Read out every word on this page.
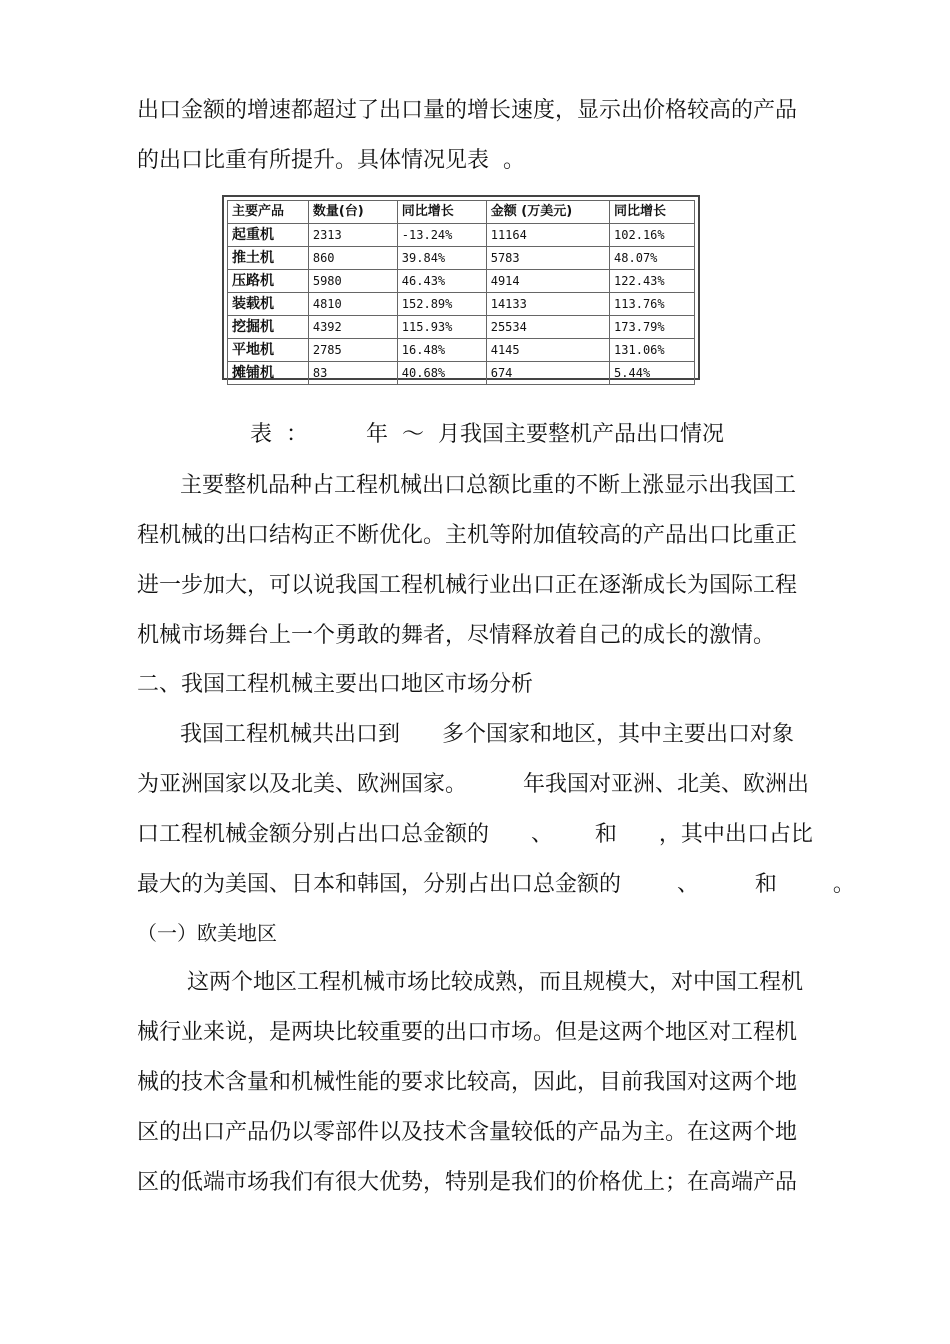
出口金额的增速都超过了出口量的增长速度，显示出价格较高的产品
的出口比重有所提升。具体情况见表  。
主要产品	数量(台)	同比增长	金额 (万美元)	同比增长
起重机	2313	-13.24%	11164	102.16%
推土机	860	39.84%	5783	48.07%
压路机	5980	46.43%	4914	122.43%
装载机	4810	152.89%	14133	113.76%
挖掘机	4392	115.93%	25534	173.79%
平地机	2785	16.48%	4145	131.06%
摊铺机	83	40.68%	674	5.44%
表  ：	年  ～  月我国主要整机产品出口情况
主要整机品种占工程机械出口总额比重的不断上涨显示出我国工
程机械的出口结构正不断优化。主机等附加值较高的产品出口比重正
进一步加大，可以说我国工程机械行业出口正在逐渐成长为国际工程
机械市场舞台上一个勇敢的舞者，尽情释放着自己的成长的激情。
二、我国工程机械主要出口地区市场分析
我国工程机械共出口到      多个国家和地区，其中主要出口对象
为亚洲国家以及北美、欧洲国家。        年我国对亚洲、北美、欧洲出
口工程机械金额分别占出口总金额的      、      和      ，其中出口占比
最大的为美国、日本和韩国，分别占出口总金额的        、        和        。
（一）欧美地区
这两个地区工程机械市场比较成熟，而且规模大，对中国工程机
械行业来说，是两块比较重要的出口市场。但是这两个地区对工程机
械的技术含量和机械性能的要求比较高，因此，目前我国对这两个地
区的出口产品仍以零部件以及技术含量较低的产品为主。在这两个地
区的低端市场我们有很大优势，特别是我们的价格优上；在高端产品
